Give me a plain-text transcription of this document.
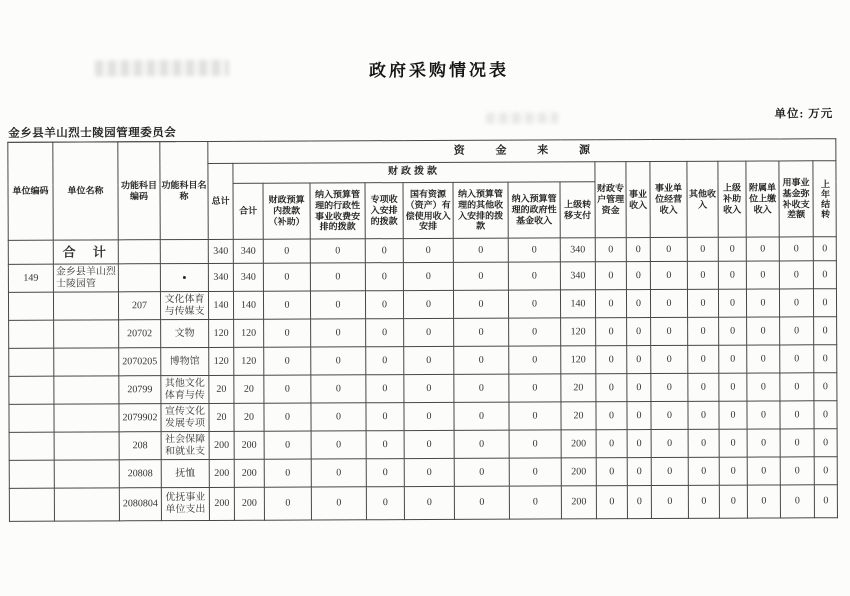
政府采购情况表
单位: 万元
金乡县羊山烈士陵园管理委员会
单位编码	单位名称	功能科目编码	功能科目名称	资 金 来 源																
				总计	财政拨款								财政专户管理资金	事业收入	事业单位经营收入	其他收入	上级补助收入	附属单位上缴收入	用事业基金弥补收支差额	上年结转
					合计	财政预算内拨款（补助）	纳入预算管理的行政性事业收费安排的拨款	专项收入安排的拨款	国有资源（资产）有偿使用收入安排	纳入预算管理的其他收入安排的拨款	纳入预算管理的政府性基金收入	上级转移支付								
	合 计			340	340	0	0	0	0	0	0	340	0	0	0	0	0	0	0	0
149	金乡县羊山烈士陵园管			340	340	0	0	0	0	0	0	340	0	0	0	0	0	0	0	0
		207	文化体育与传媒支	140	140	0	0	0	0	0	0	140	0	0	0	0	0	0	0	0
		20702	文物	120	120	0	0	0	0	0	0	120	0	0	0	0	0	0	0	0
		2070205	博物馆	120	120	0	0	0	0	0	0	120	0	0	0	0	0	0	0	0
		20799	其他文化体育与传	20	20	0	0	0	0	0	0	20	0	0	0	0	0	0	0	0
		2079902	宣传文化发展专项	20	20	0	0	0	0	0	0	20	0	0	0	0	0	0	0	0
		208	社会保障和就业支	200	200	0	0	0	0	0	0	200	0	0	0	0	0	0	0	0
		20808	抚恤	200	200	0	0	0	0	0	0	200	0	0	0	0	0	0	0	0
		2080804	优抚事业单位支出	200	200	0	0	0	0	0	0	200	0	0	0	0	0	0	0	0
